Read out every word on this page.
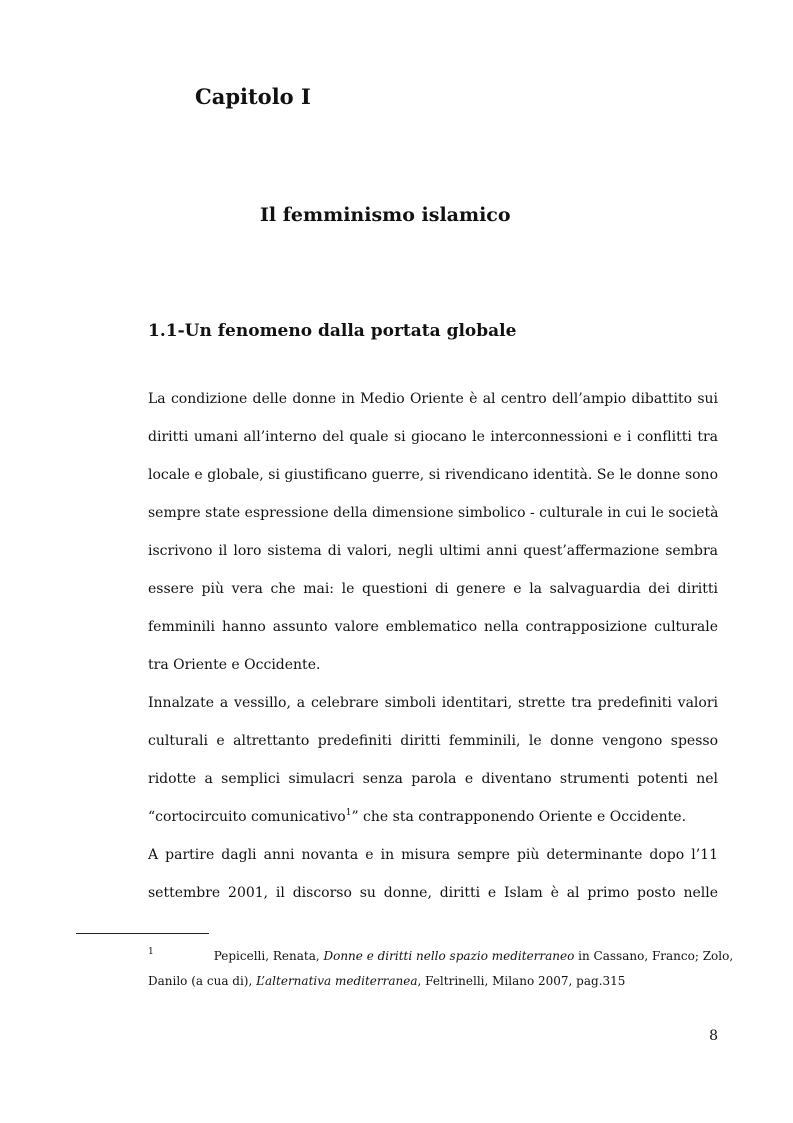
Capitolo I
Il femminismo islamico
1.1-Un fenomeno dalla portata globale
La condizione delle donne in Medio Oriente è al centro dell’ampio dibattito sui
diritti umani all’interno del quale si giocano le interconnessioni e i conflitti tra
locale e globale, si giustificano guerre, si rivendicano identità. Se le donne sono
sempre state espressione della dimensione simbolico - culturale in cui le società
iscrivono il loro sistema di valori, negli ultimi anni quest’affermazione sembra
essere più vera che mai: le questioni di genere e la salvaguardia dei diritti
femminili hanno assunto valore emblematico nella contrapposizione culturale
tra Oriente e Occidente.
Innalzate a vessillo, a celebrare simboli identitari, strette tra predefiniti valori
culturali e altrettanto predefiniti diritti femminili, le donne vengono spesso
ridotte a semplici simulacri senza parola e diventano strumenti potenti nel
“cortocircuito comunicativo$^1$” che sta contrapponendo Oriente e Occidente.
A partire dagli anni novanta e in misura sempre più determinante dopo l’11
settembre 2001, il discorso su donne, diritti e Islam è al primo posto nelle
$^1$	Pepicelli, Renata, Donne e diritti nello spazio mediterraneo in Cassano, Franco; Zolo,
Danilo (a cua di), L’alternativa mediterranea, Feltrinelli, Milano 2007, pag.315
8
